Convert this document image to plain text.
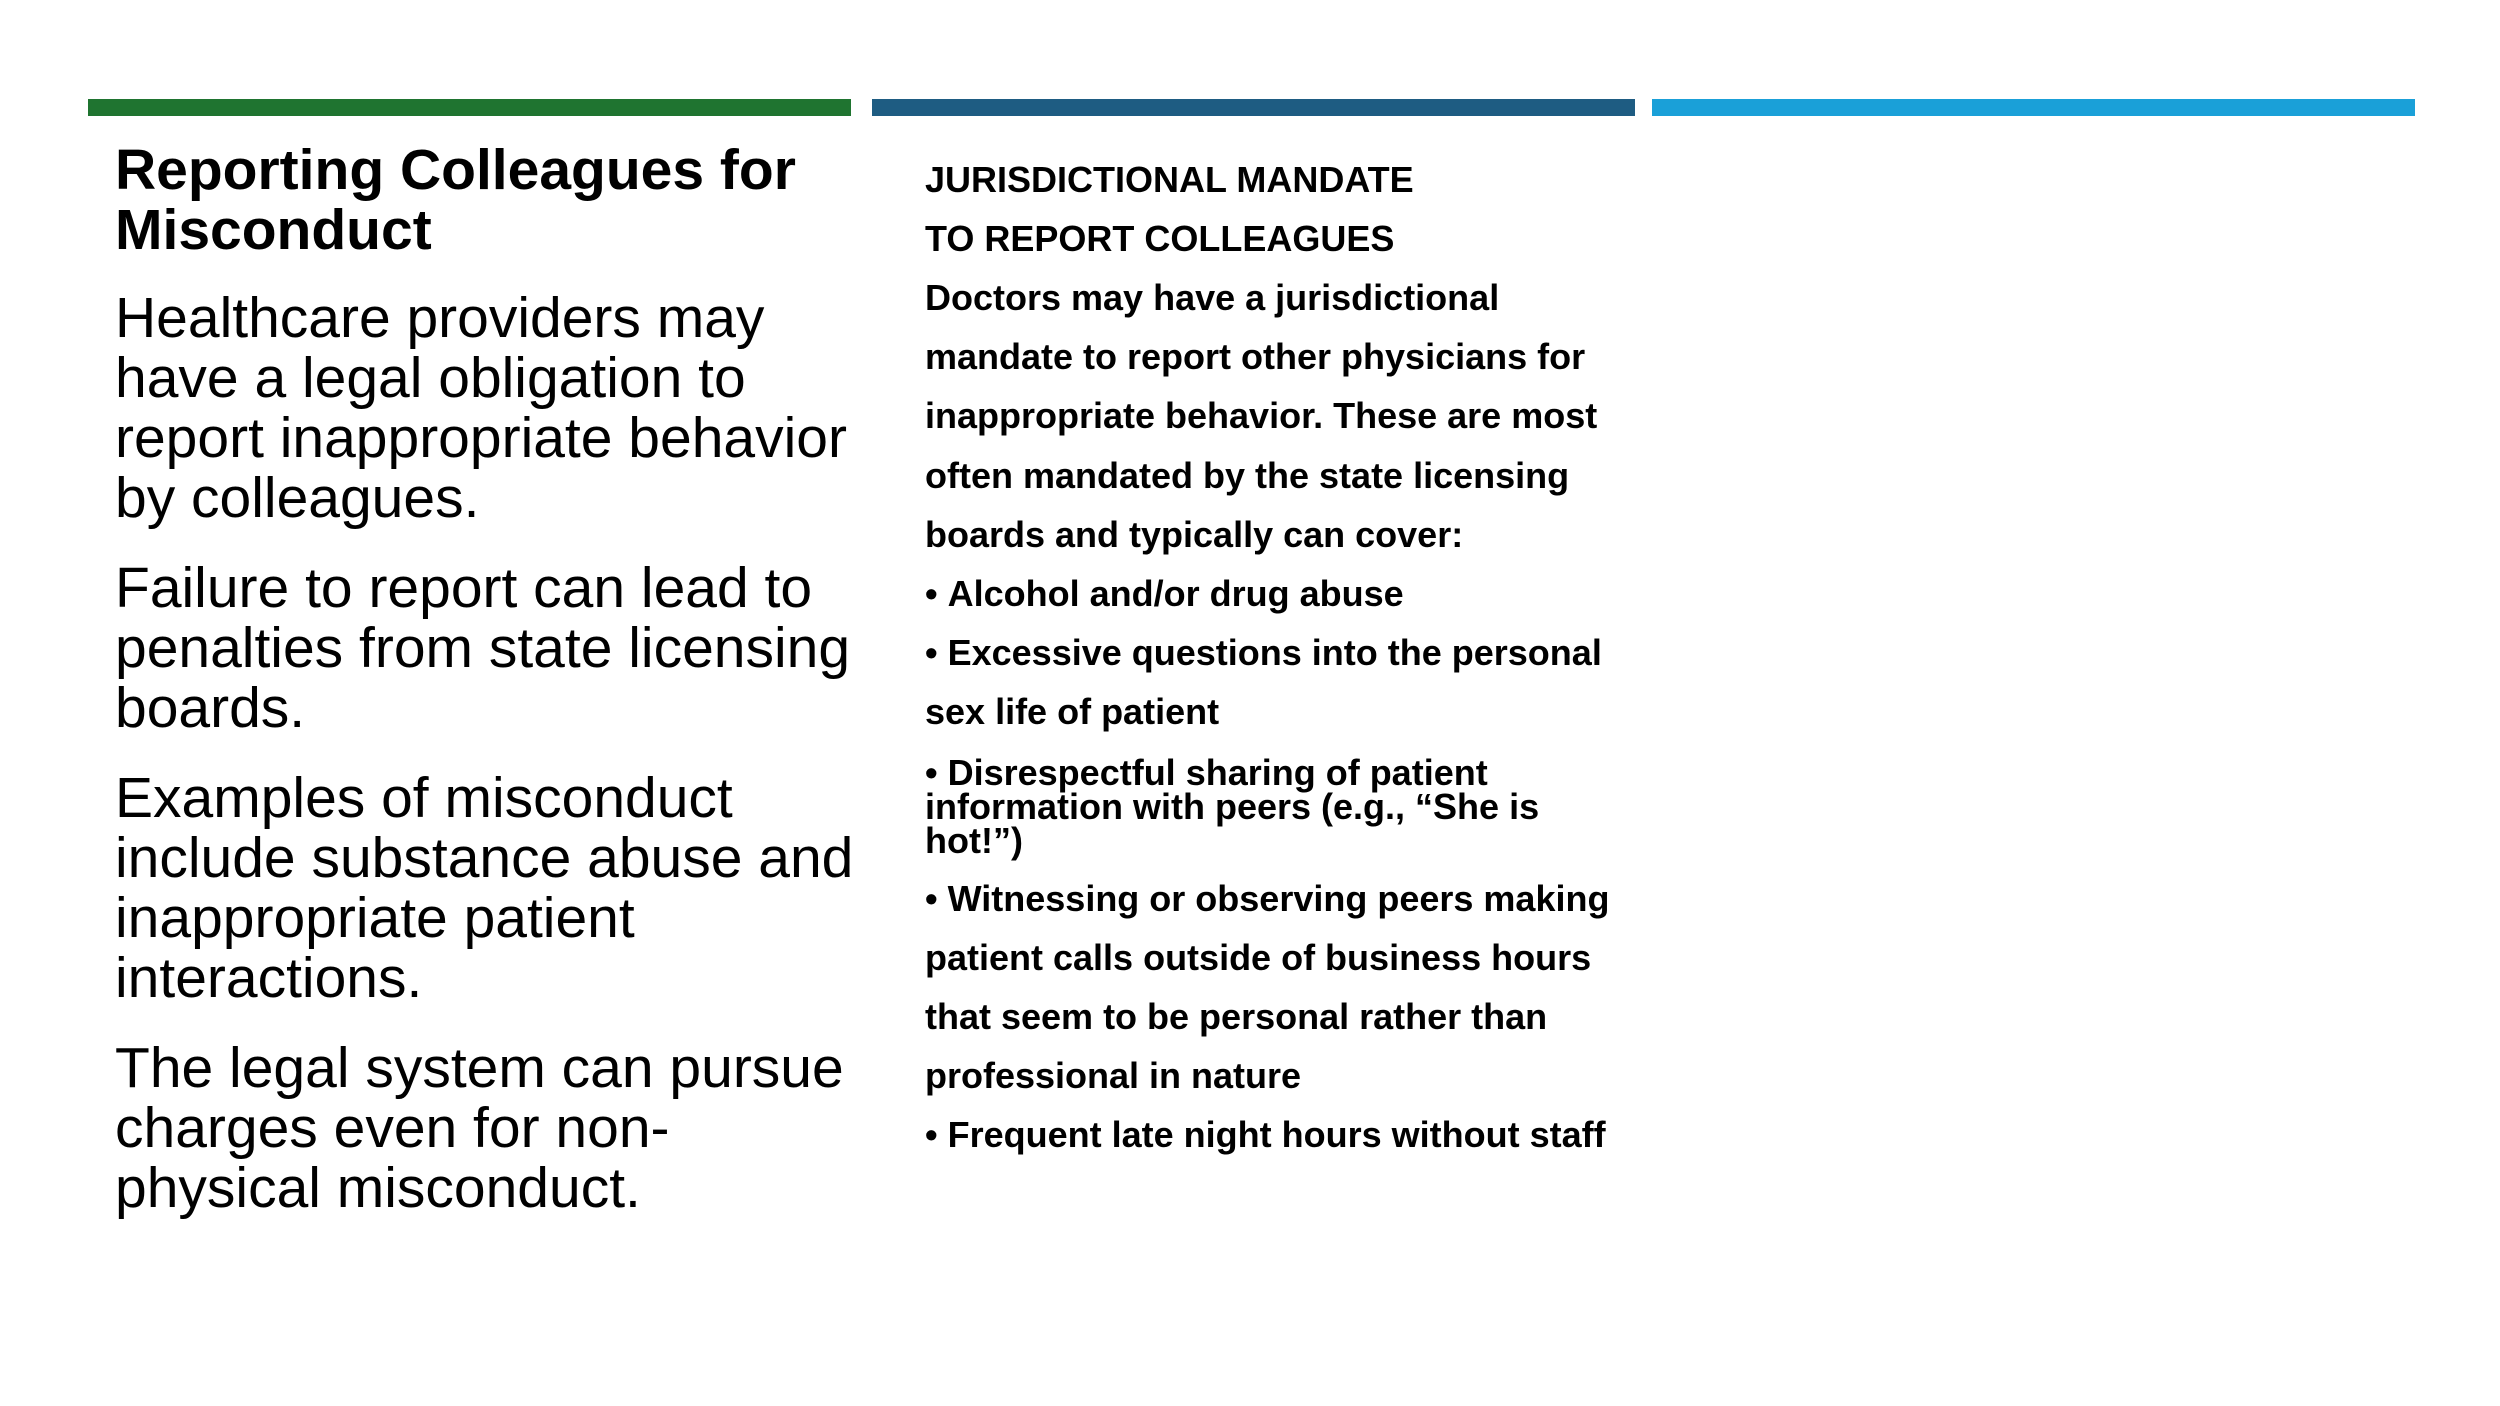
Reporting Colleagues for Misconduct

Healthcare providers may have a legal obligation to report inappropriate behavior by colleagues.

Failure to report can lead to penalties from state licensing boards.

Examples of misconduct include substance abuse and inappropriate patient interactions.

The legal system can pursue charges even for non-physical misconduct.

JURISDICTIONAL MANDATE
TO REPORT COLLEAGUES

Doctors may have a jurisdictional mandate to report other physicians for inappropriate behavior. These are most often mandated by the state licensing boards and typically can cover:

• Alcohol and/or drug abuse
• Excessive questions into the personal sex life of patient
• Disrespectful sharing of patient information with peers (e.g., “She is hot!”)
• Witnessing or observing peers making patient calls outside of business hours that seem to be personal rather than professional in nature
• Frequent late night hours without staff
